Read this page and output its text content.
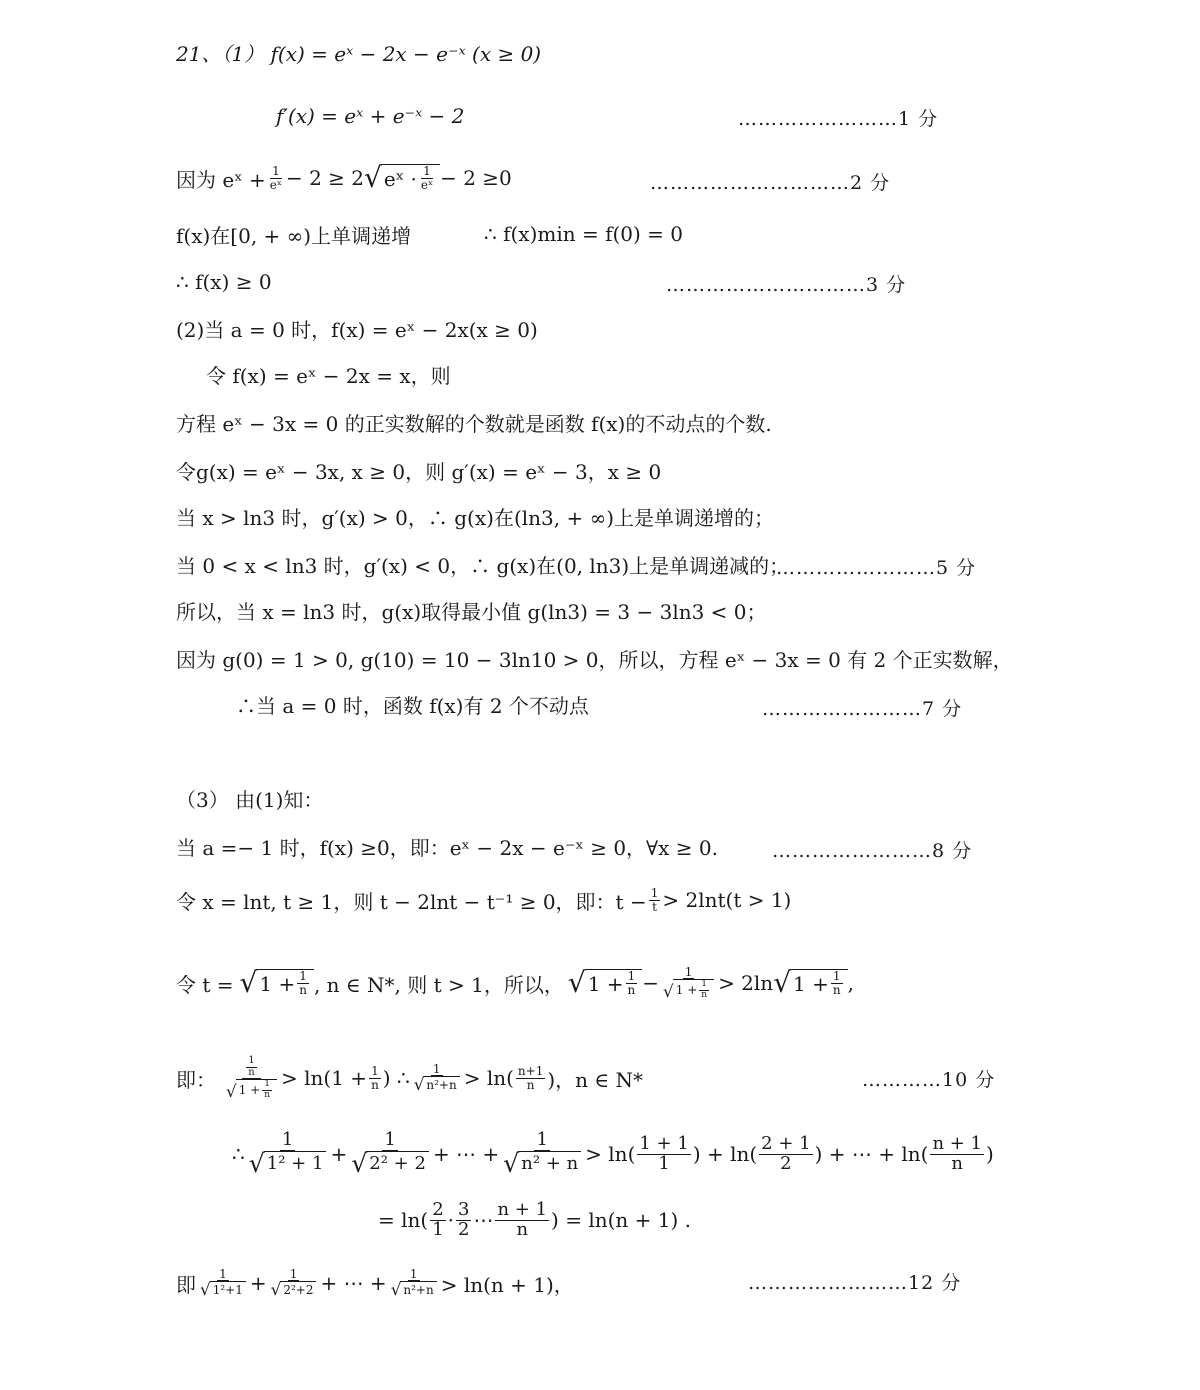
21、（1） f(x) = eˣ − 2x − e⁻ˣ (x ≥ 0)
f′(x) = eˣ + e⁻ˣ − 2	……………………1 分
因为 eˣ + $\frac{1}{\text{eˣ}} - 2 \ge 2$ √ eˣ · $\frac{1}{\text{eˣ}} - 2 \ge 0$	…………………………2 分
f(x)在[0, + ∞)上单调递增	∴ f(x)min = f(0) = 0
∴ f(x) ≥ 0	…………………………3 分
(2)当 a = 0 时，f(x) = eˣ − 2x(x ≥ 0)
令 f(x) = eˣ − 2x = x，则
方程 eˣ − 3x = 0 的正实数解的个数就是函数 f(x)的不动点的个数.
令g(x) = eˣ − 3x, x ≥ 0，则 g′(x) = eˣ − 3，x ≥ 0
当 x > ln3 时，g′(x) > 0，∴ g(x)在(ln3, + ∞)上是单调递增的；
当 0 < x < ln3 时，g′(x) < 0，∴ g(x)在(0, ln3)上是单调递减的；
……………………5 分
所以，当 x = ln3 时，g(x)取得最小值 g(ln3) = 3 − 3ln3 < 0；
因为 g(0) = 1 > 0, g(10) = 10 − 3ln10 > 0，所以，方程 eˣ − 3x = 0 有 2 个正实数解，
∴当 a = 0 时，函数 f(x)有 2 个不动点	……………………7 分
（3） 由(1)知：
当 a =− 1 时，f(x) ≥0，即：eˣ − 2x − e⁻ˣ ≥ 0，∀x ≥ 0.	……………………8 分
令 x = lnt, t ≥ 1，则 t − 2lnt − t⁻¹ ≥ 0，即：$t - \frac{1}{t} > 2\ln t(t > 1)$
令 t = √ $1 + \frac{1}{n}$ , n ∈ N*, 则 t > 1，所以， √ $1 + \frac{1}{n} - 1$
√ $1 + \frac{1}{n} > 2\ln$ √ $1 + \frac{1}{n}$ ,
即：
$\frac{1}{n}$
√ $1 + \frac{1}{n} > \ln(1 + \frac{1}{n}$ ) ∴ $\frac{1}{\text{√ n²+n}} > \ln( \frac{n+1}{n}$ )，n ∈ N*	…………10 分
∴ $\frac{1}{\text{√ 1² + 1}} + \frac{1}{\text{√ 2² + 2}}$ + ⋯ + $\frac{1}{\text{√ n² + n}} > \ln( \frac{1 + 1}{1}$ ) + $\ln( \frac{2 + 1}{2}$ ) + ⋯ + $\ln( \frac{n + 1}{n}$ )
= $\ln( \frac{2}{1} \cdot \frac{3}{2}$ ⋯ $\frac{n + 1}{n}$ ) = ln(n + 1) .
即 $\frac{1}{\text{√ 1²+1}} + \frac{1}{\text{√ 2²+2}}$ + ⋯ + $\frac{1}{\text{√ n²+n}} > \ln(n + 1)$，	……………………12 分
